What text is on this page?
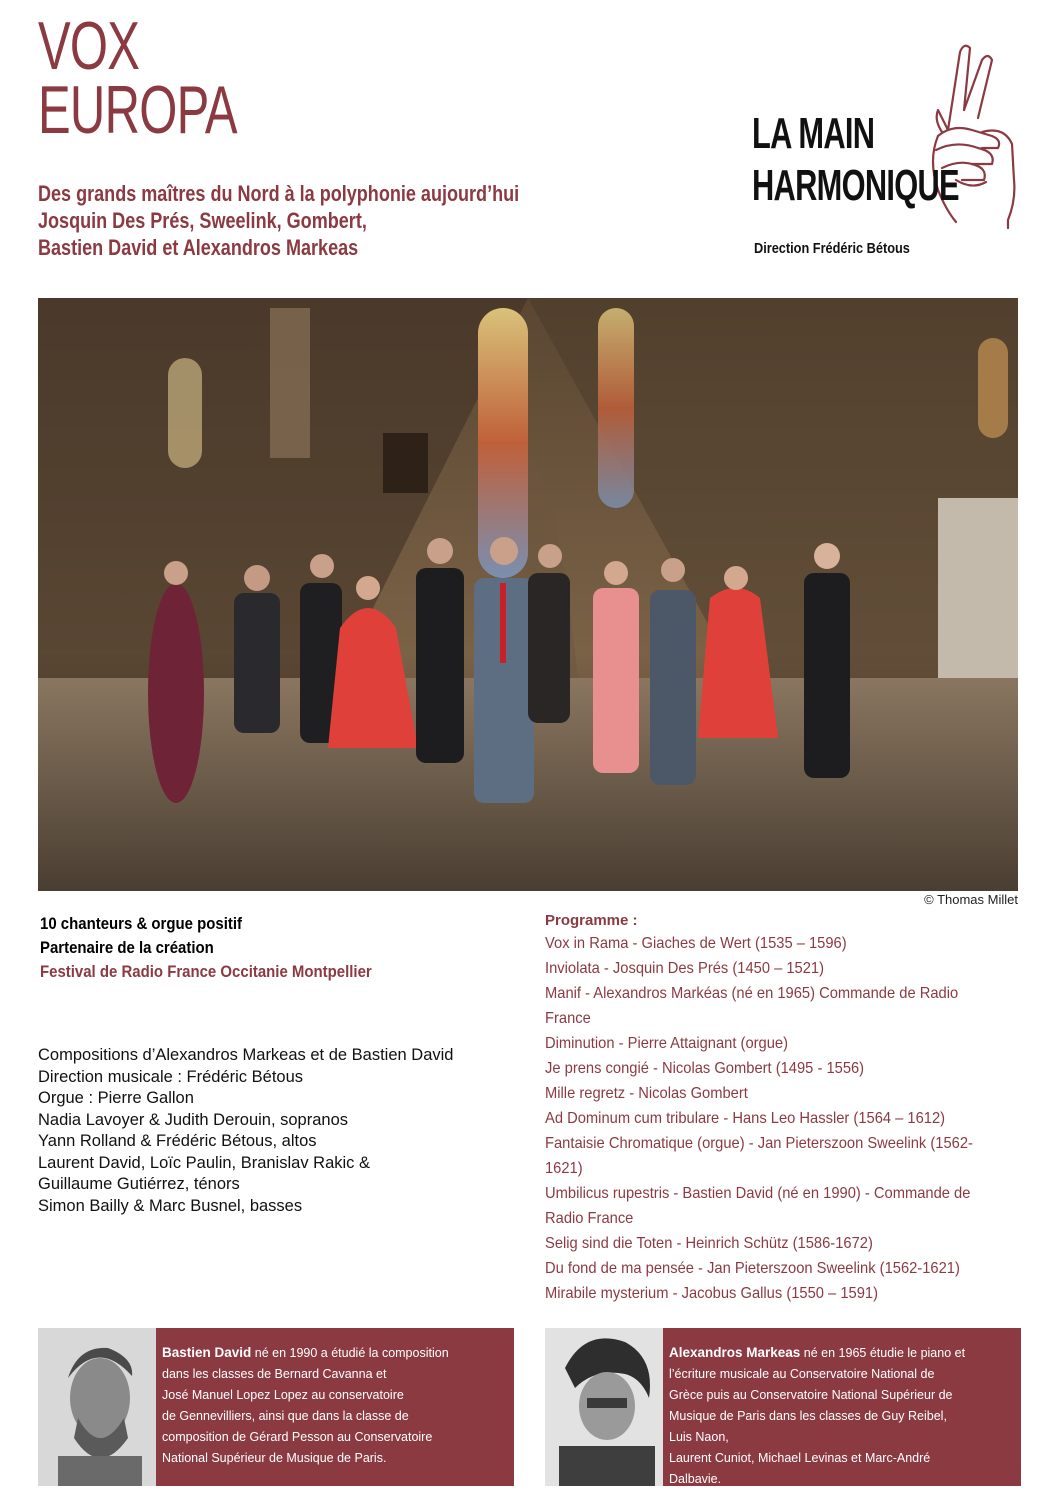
VOX
EUROPA
Des grands maîtres du Nord à la polyphonie aujourd’hui
Josquin Des Prés, Sweelink, Gombert,
Bastien David et Alexandros Markeas
LA MAIN
HARMONIQUE
Direction Frédéric Bétous
© Thomas Millet
10 chanteurs & orgue positif
Partenaire de la création
Festival de Radio France Occitanie Montpellier
Compositions d’Alexandros Markeas et de Bastien David
Direction musicale : Frédéric Bétous
Orgue : Pierre Gallon
Nadia Lavoyer & Judith Derouin, sopranos
Yann Rolland & Frédéric Bétous, altos
Laurent David, Loïc Paulin, Branislav Rakic &
Guillaume Gutiérrez, ténors
Simon Bailly & Marc Busnel, basses
Programme :
Vox in Rama - Giaches de Wert (1535 – 1596)
Inviolata - Josquin Des Prés (1450 – 1521)
Manif - Alexandros Markéas (né en 1965) Commande de Radio
France
Diminution - Pierre Attaignant (orgue)
Je prens congié - Nicolas Gombert (1495 - 1556)
Mille regretz - Nicolas Gombert
Ad Dominum cum tribulare - Hans Leo Hassler (1564 – 1612)
Fantaisie Chromatique (orgue) - Jan Pieterszoon Sweelink (1562-
1621)
Umbilicus rupestris - Bastien David (né en 1990) - Commande de
Radio France
Selig sind die Toten - Heinrich Schütz (1586-1672)
Du fond de ma pensée - Jan Pieterszoon Sweelink (1562-1621)
Mirabile mysterium - Jacobus Gallus (1550 – 1591)
Bastien David né en 1990 a étudié la composition
dans les classes de Bernard Cavanna et
José Manuel Lopez Lopez au conservatoire
de Gennevilliers, ainsi que dans la classe de
composition de Gérard Pesson au Conservatoire
National Supérieur de Musique de Paris.
Alexandros Markeas né en 1965 étudie le piano et
l’écriture musicale au Conservatoire National de
Grèce puis au Conservatoire National Supérieur de
Musique de Paris dans les classes de Guy Reibel,
Luis Naon,
Laurent Cuniot, Michael Levinas et Marc-André
Dalbavie.
